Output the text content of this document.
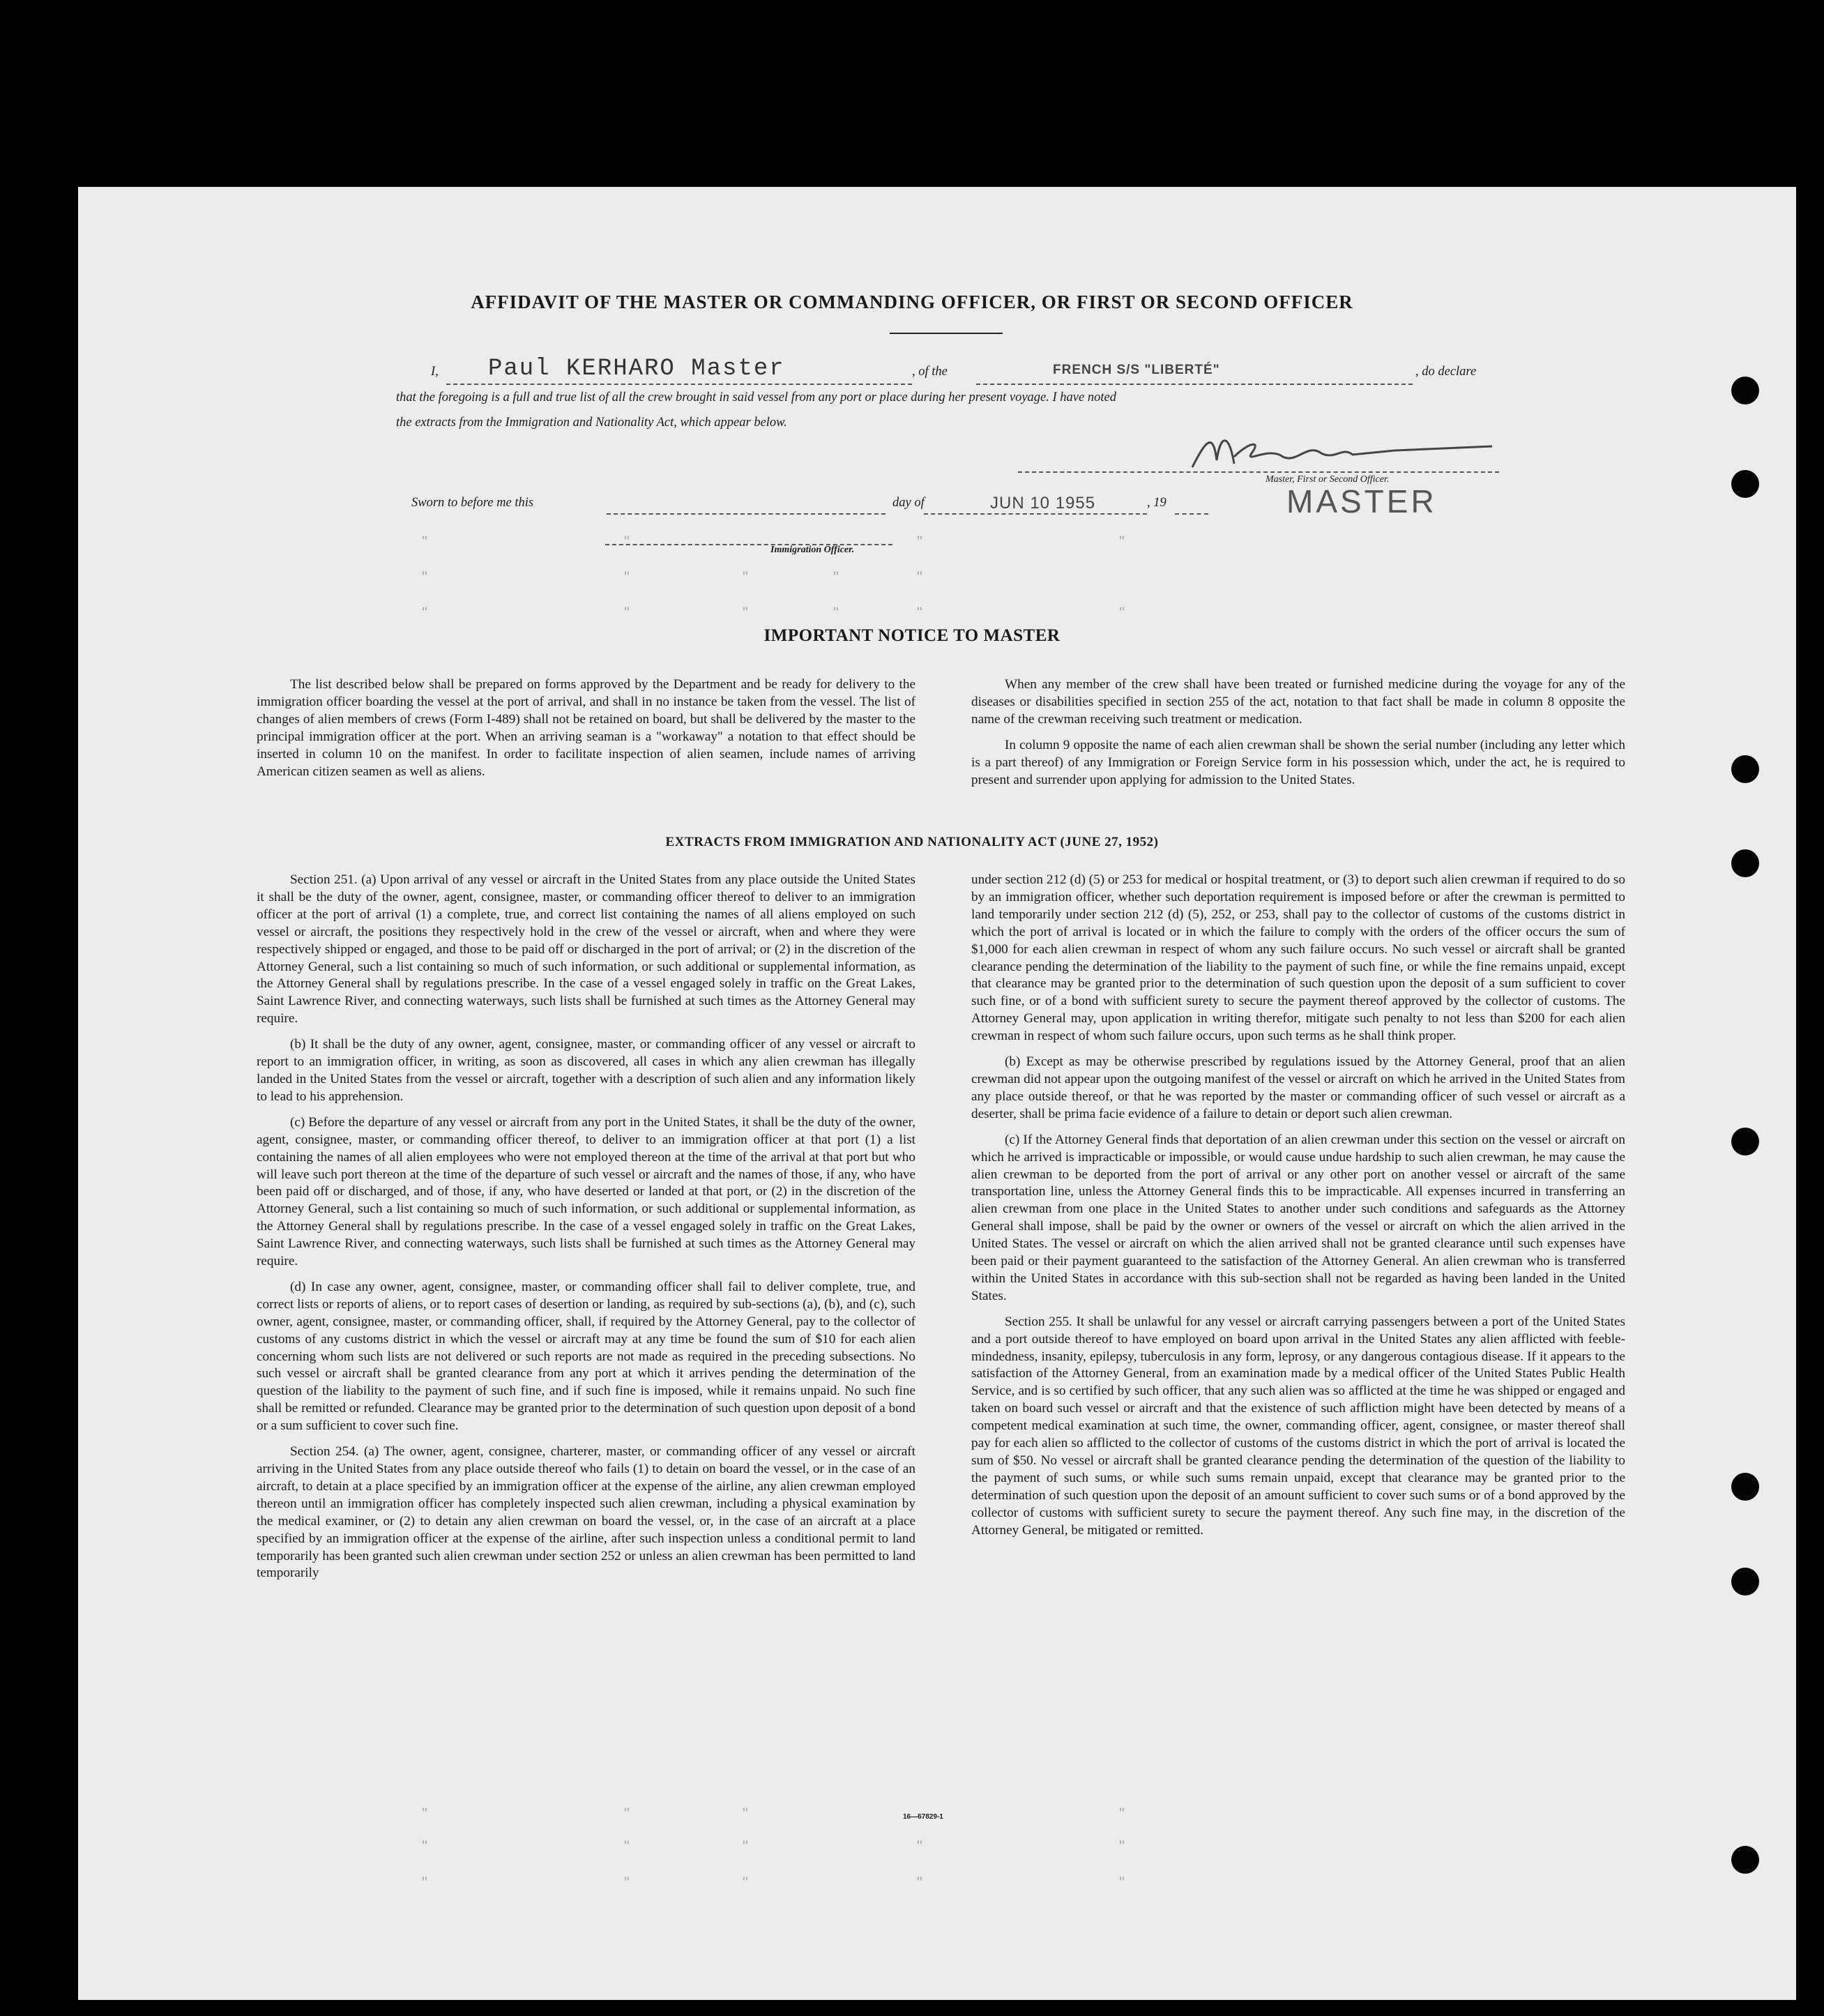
AFFIDAVIT OF THE MASTER OR COMMANDING OFFICER, OR FIRST OR SECOND OFFICER
I, Paul KERHARO Master	, of the	FRENCH S/S "LIBERTÉ"	, do declare
that the foregoing is a full and true list of all the crew brought in said vessel from any port or place during her present voyage. I have noted
the extracts from the Immigration and Nationality Act, which appear below.
Master, First or Second Officer.
MASTER
Sworn to before me this	day of	JUN 10 1955	, 19
Immigration Officer.
"	"	"	"
"	"	"	"	"
"	"	"	"	"	"
"	"	"	"
"	"	"	"	"
"	"	"	"	"
IMPORTANT NOTICE TO MASTER

The list described below shall be prepared on forms approved by the Department and be ready for delivery to the immigration officer boarding the vessel at the port of arrival, and shall in no instance be taken from the vessel. The list of changes of alien members of crews (Form I-489) shall not be retained on board, but shall be delivered by the master to the principal immigration officer at the port. When an arriving seaman is a "workaway" a notation to that effect should be inserted in column 10 on the manifest. In order to facilitate inspection of alien seamen, include names of arriving American citizen seamen as well as aliens.

When any member of the crew shall have been treated or furnished medicine during the voyage for any of the diseases or disabilities specified in section 255 of the act, notation to that fact shall be made in column 8 opposite the name of the crewman receiving such treatment or medication.

In column 9 opposite the name of each alien crewman shall be shown the serial number (including any letter which is a part thereof) of any Immigration or Foreign Service form in his possession which, under the act, he is required to present and surrender upon applying for admission to the United States.

EXTRACTS FROM IMMIGRATION AND NATIONALITY ACT (JUNE 27, 1952)

Section 251. (a) Upon arrival of any vessel or aircraft in the United States from any place outside the United States it shall be the duty of the owner, agent, consignee, master, or commanding officer thereof to deliver to an immigration officer at the port of arrival (1) a complete, true, and correct list containing the names of all aliens employed on such vessel or aircraft, the positions they respectively hold in the crew of the vessel or aircraft, when and where they were respectively shipped or engaged, and those to be paid off or discharged in the port of arrival; or (2) in the discretion of the Attorney General, such a list containing so much of such information, or such additional or supplemental information, as the Attorney General shall by regulations prescribe. In the case of a vessel engaged solely in traffic on the Great Lakes, Saint Lawrence River, and connecting waterways, such lists shall be furnished at such times as the Attorney General may require.

(b) It shall be the duty of any owner, agent, consignee, master, or commanding officer of any vessel or aircraft to report to an immigration officer, in writing, as soon as discovered, all cases in which any alien crewman has illegally landed in the United States from the vessel or aircraft, together with a description of such alien and any information likely to lead to his apprehension.

(c) Before the departure of any vessel or aircraft from any port in the United States, it shall be the duty of the owner, agent, consignee, master, or commanding officer thereof, to deliver to an immigration officer at that port (1) a list containing the names of all alien employees who were not employed thereon at the time of the arrival at that port but who will leave such port thereon at the time of the departure of such vessel or aircraft and the names of those, if any, who have been paid off or discharged, and of those, if any, who have deserted or landed at that port, or (2) in the discretion of the Attorney General, such a list containing so much of such information, or such additional or supplemental information, as the Attorney General shall by regulations prescribe. In the case of a vessel engaged solely in traffic on the Great Lakes, Saint Lawrence River, and connecting waterways, such lists shall be furnished at such times as the Attorney General may require.

(d) In case any owner, agent, consignee, master, or commanding officer shall fail to deliver complete, true, and correct lists or reports of aliens, or to report cases of desertion or landing, as required by sub-sections (a), (b), and (c), such owner, agent, consignee, master, or commanding officer, shall, if required by the Attorney General, pay to the collector of customs of any customs district in which the vessel or aircraft may at any time be found the sum of $10 for each alien concerning whom such lists are not delivered or such reports are not made as required in the preceding subsections. No such vessel or aircraft shall be granted clearance from any port at which it arrives pending the determination of the question of the liability to the payment of such fine, and if such fine is imposed, while it remains unpaid. No such fine shall be remitted or refunded. Clearance may be granted prior to the determination of such question upon deposit of a bond or a sum sufficient to cover such fine.

Section 254. (a) The owner, agent, consignee, charterer, master, or commanding officer of any vessel or aircraft arriving in the United States from any place outside thereof who fails (1) to detain on board the vessel, or in the case of an aircraft, to detain at a place specified by an immigration officer at the expense of the airline, any alien crewman employed thereon until an immigration officer has completely inspected such alien crewman, including a physical examination by the medical examiner, or (2) to detain any alien crewman on board the vessel, or, in the case of an aircraft at a place specified by an immigration officer at the expense of the airline, after such inspection unless a conditional permit to land temporarily has been granted such alien crewman under section 252 or unless an alien crewman has been permitted to land temporarily

under section 212 (d) (5) or 253 for medical or hospital treatment, or (3) to deport such alien crewman if required to do so by an immigration officer, whether such deportation requirement is imposed before or after the crewman is permitted to land temporarily under section 212 (d) (5), 252, or 253, shall pay to the collector of customs of the customs district in which the port of arrival is located or in which the failure to comply with the orders of the officer occurs the sum of $1,000 for each alien crewman in respect of whom any such failure occurs. No such vessel or aircraft shall be granted clearance pending the determination of the liability to the payment of such fine, or while the fine remains unpaid, except that clearance may be granted prior to the determination of such question upon the deposit of a sum sufficient to cover such fine, or of a bond with sufficient surety to secure the payment thereof approved by the collector of customs. The Attorney General may, upon application in writing therefor, mitigate such penalty to not less than $200 for each alien crewman in respect of whom such failure occurs, upon such terms as he shall think proper.

(b) Except as may be otherwise prescribed by regulations issued by the Attorney General, proof that an alien crewman did not appear upon the outgoing manifest of the vessel or aircraft on which he arrived in the United States from any place outside thereof, or that he was reported by the master or commanding officer of such vessel or aircraft as a deserter, shall be prima facie evidence of a failure to detain or deport such alien crewman.

(c) If the Attorney General finds that deportation of an alien crewman under this section on the vessel or aircraft on which he arrived is impracticable or impossible, or would cause undue hardship to such alien crewman, he may cause the alien crewman to be deported from the port of arrival or any other port on another vessel or aircraft of the same transportation line, unless the Attorney General finds this to be impracticable. All expenses incurred in transferring an alien crewman from one place in the United States to another under such conditions and safeguards as the Attorney General shall impose, shall be paid by the owner or owners of the vessel or aircraft on which the alien arrived in the United States. The vessel or aircraft on which the alien arrived shall not be granted clearance until such expenses have been paid or their payment guaranteed to the satisfaction of the Attorney General. An alien crewman who is transferred within the United States in accordance with this sub-section shall not be regarded as having been landed in the United States.

Section 255. It shall be unlawful for any vessel or aircraft carrying passengers between a port of the United States and a port outside thereof to have employed on board upon arrival in the United States any alien afflicted with feeble-mindedness, insanity, epilepsy, tuberculosis in any form, leprosy, or any dangerous contagious disease. If it appears to the satisfaction of the Attorney General, from an examination made by a medical officer of the United States Public Health Service, and is so certified by such officer, that any such alien was so afflicted at the time he was shipped or engaged and taken on board such vessel or aircraft and that the existence of such affliction might have been detected by means of a competent medical examination at such time, the owner, commanding officer, agent, consignee, or master thereof shall pay for each alien so afflicted to the collector of customs of the customs district in which the port of arrival is located the sum of $50. No vessel or aircraft shall be granted clearance pending the determination of the question of the liability to the payment of such sums, or while such sums remain unpaid, except that clearance may be granted prior to the determination of such question upon the deposit of an amount sufficient to cover such sums or of a bond approved by the collector of customs with sufficient surety to secure the payment thereof. Any such fine may, in the discretion of the Attorney General, be mitigated or remitted.

16—67829-1
